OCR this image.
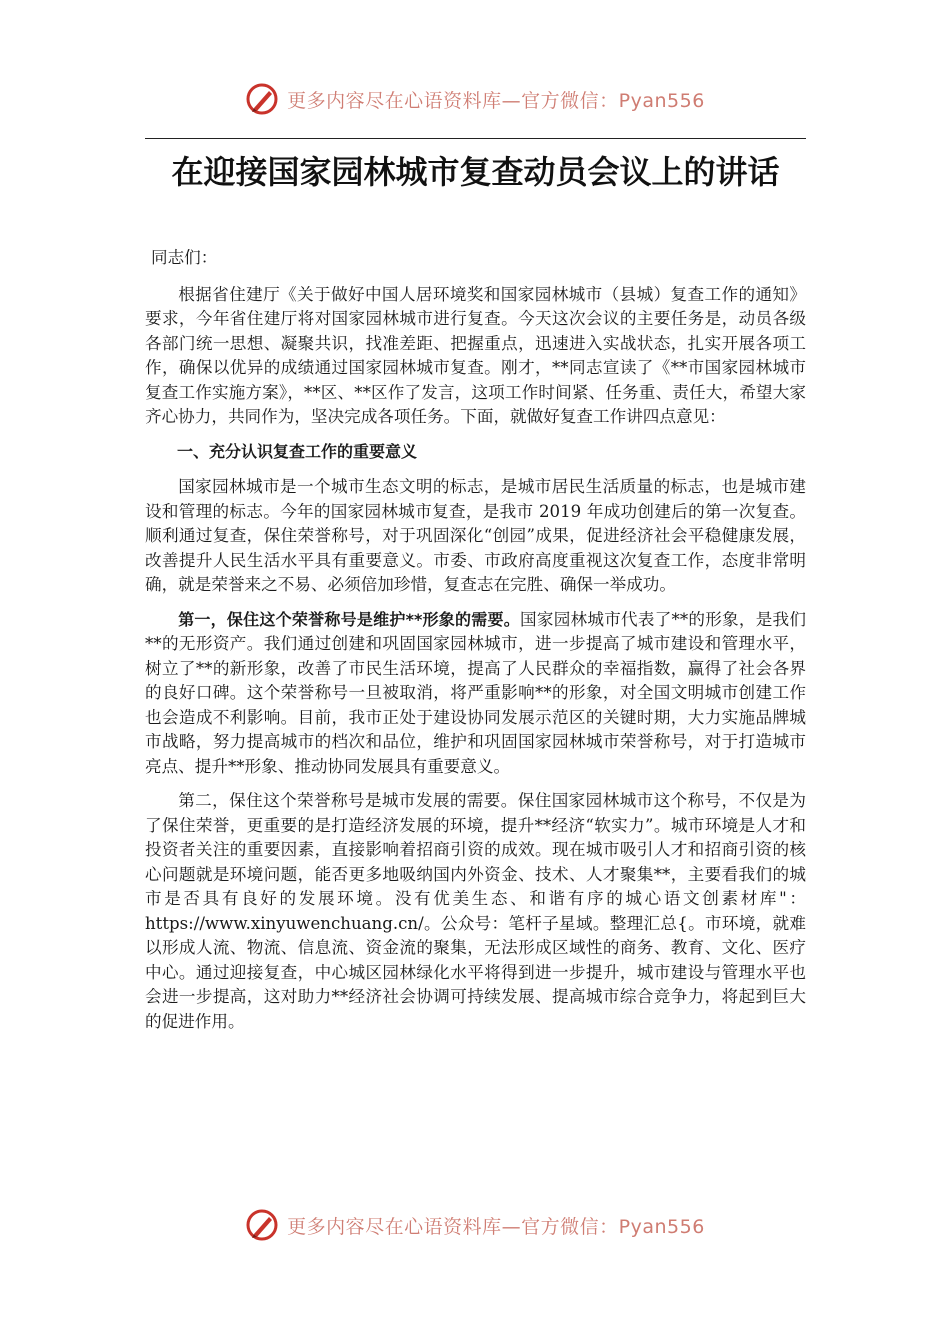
更多内容尽在心语资料库—官方微信：Pyan556
在迎接国家园林城市复查动员会议上的讲话
同志们：

根据省住建厅《关于做好中国人居环境奖和国家园林城市（县城）复查工作的通知》要求，今年省住建厅将对国家园林城市进行复查。今天这次会议的主要任务是，动员各级各部门统一思想、凝聚共识，找准差距、把握重点，迅速进入实战状态，扎实开展各项工作，确保以优异的成绩通过国家园林城市复查。刚才，**同志宣读了《**市国家园林城市复查工作实施方案》，**区、**区作了发言，这项工作时间紧、任务重、责任大，希望大家齐心协力，共同作为，坚决完成各项任务。下面，就做好复查工作讲四点意见：

一、充分认识复查工作的重要意义

国家园林城市是一个城市生态文明的标志，是城市居民生活质量的标志，也是城市建设和管理的标志。今年的国家园林城市复查，是我市 2019 年成功创建后的第一次复查。顺利通过复查，保住荣誉称号，对于巩固深化“创园”成果，促进经济社会平稳健康发展，改善提升人民生活水平具有重要意义。市委、市政府高度重视这次复查工作，态度非常明确，就是荣誉来之不易、必须倍加珍惜，复查志在完胜、确保一举成功。

第一，保住这个荣誉称号是维护**形象的需要。国家园林城市代表了**的形象，是我们**的无形资产。我们通过创建和巩固国家园林城市，进一步提高了城市建设和管理水平，树立了**的新形象，改善了市民生活环境，提高了人民群众的幸福指数，赢得了社会各界的良好口碑。这个荣誉称号一旦被取消，将严重影响**的形象，对全国文明城市创建工作也会造成不利影响。目前，我市正处于建设协同发展示范区的关键时期，大力实施品牌城市战略，努力提高城市的档次和品位，维护和巩固国家园林城市荣誉称号，对于打造城市亮点、提升**形象、推动协同发展具有重要意义。

第二，保住这个荣誉称号是城市发展的需要。保住国家园林城市这个称号，不仅是为了保住荣誉，更重要的是打造经济发展的环境，提升**经济“软实力”。城市环境是人才和投资者关注的重要因素，直接影响着招商引资的成效。现在城市吸引人才和招商引资的核心问题就是环境问题，能否更多地吸纳国内外资金、技术、人才聚集**，主要看我们的城市是否具有良好的发展环境。没有优美生态、和谐有序的城心语文创素材库"：https://www.xinyuwenchuang.cn/。公众号：笔杆子星域。整理汇总{。市环境，就难以形成人流、物流、信息流、资金流的聚集，无法形成区域性的商务、教育、文化、医疗中心。通过迎接复查，中心城区园林绿化水平将得到进一步提升，城市建设与管理水平也会进一步提高，这对助力**经济社会协调可持续发展、提高城市综合竞争力，将起到巨大的促进作用。

更多内容尽在心语资料库—官方微信：Pyan556
